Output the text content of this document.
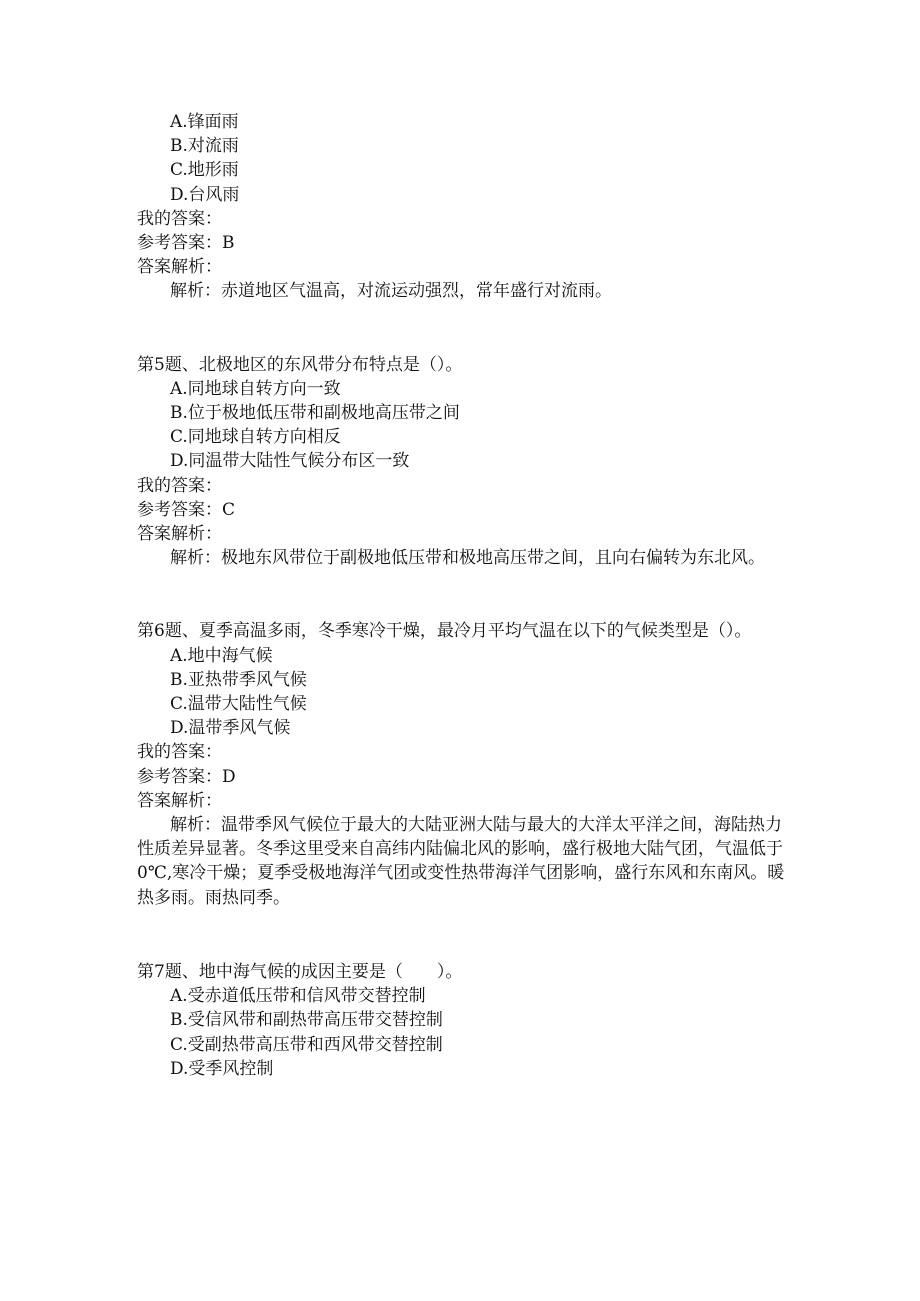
A.锋面雨
B.对流雨
C.地形雨
D.台风雨
我的答案：
参考答案：B
答案解析：
解析：赤道地区气温高，对流运动强烈，常年盛行对流雨。
第5题、北极地区的东风带分布特点是（）。
A.同地球自转方向一致
B.位于极地低压带和副极地高压带之间
C.同地球自转方向相反
D.同温带大陆性气候分布区一致
我的答案：
参考答案：C
答案解析：
解析：极地东风带位于副极地低压带和极地高压带之间，且向右偏转为东北风。
第6题、夏季高温多雨，冬季寒冷干燥，最冷月平均气温在以下的气候类型是（）。
A.地中海气候
B.亚热带季风气候
C.温带大陆性气候
D.温带季风气候
我的答案：
参考答案：D
答案解析：
解析：温带季风气候位于最大的大陆亚洲大陆与最大的大洋太平洋之间，海陆热力性质差异显著。冬季这里受来自高纬内陆偏北风的影响，盛行极地大陆气团，气温低于0℃,寒冷干燥；夏季受极地海洋气团或变性热带海洋气团影响，盛行东风和东南风。暖热多雨。雨热同季。
第7题、地中海气候的成因主要是（　　）。
A.受赤道低压带和信风带交替控制
B.受信风带和副热带高压带交替控制
C.受副热带高压带和西风带交替控制
D.受季风控制
